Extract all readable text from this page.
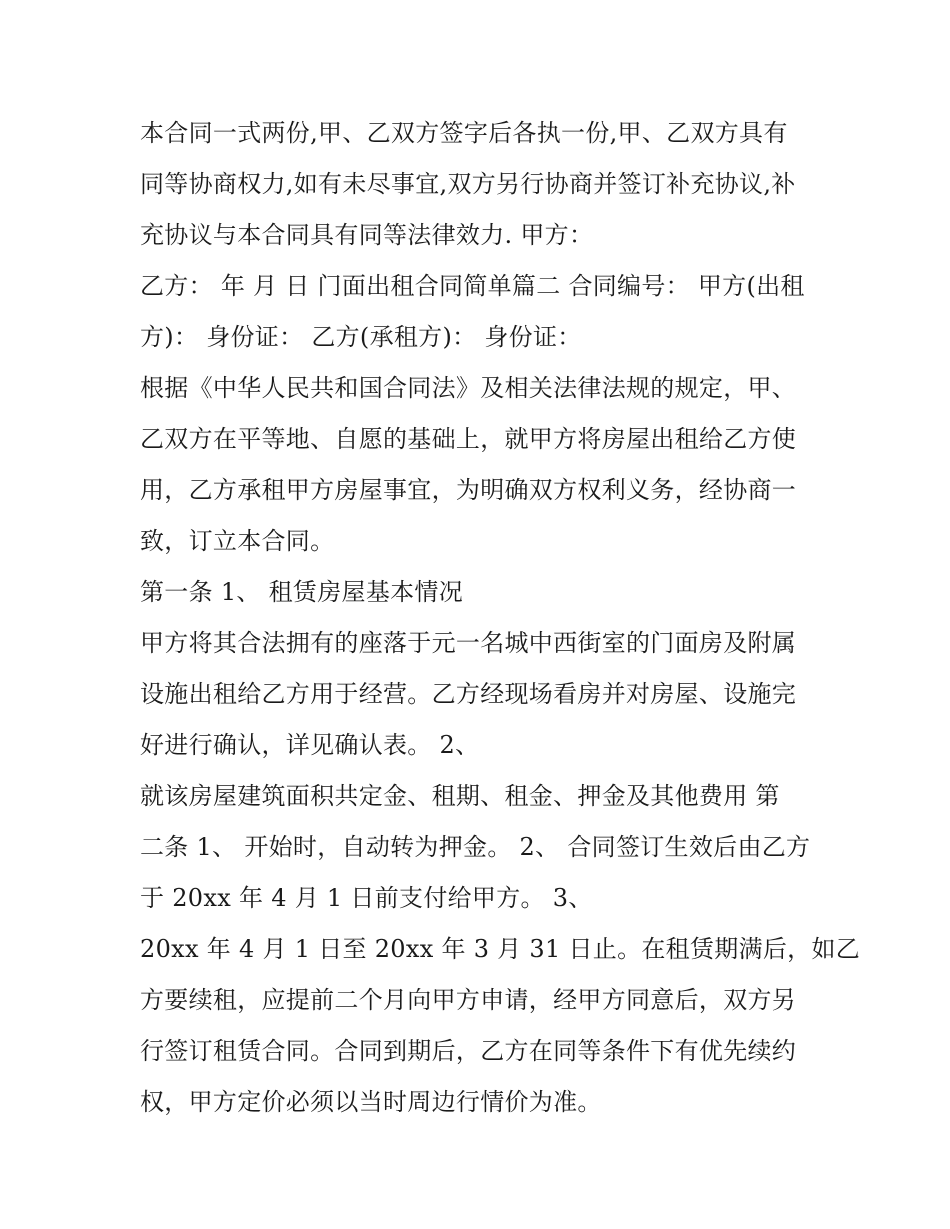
本合同一式两份,甲、乙双方签字后各执一份,甲、乙双方具有
同等协商权力,如有未尽事宜,双方另行协商并签订补充协议,补
充协议与本合同具有同等法律效力. 甲方：
乙方： 年 月 日 门面出租合同简单篇二 合同编号： 甲方(出租
方)： 身份证： 乙方(承租方)： 身份证：
根据《中华人民共和国合同法》及相关法律法规的规定，甲、
乙双方在平等地、自愿的基础上，就甲方将房屋出租给乙方使
用，乙方承租甲方房屋事宜，为明确双方权利义务，经协商一
致，订立本合同。
第一条 1、 租赁房屋基本情况
甲方将其合法拥有的座落于元一名城中西街室的门面房及附属
设施出租给乙方用于经营。乙方经现场看房并对房屋、设施完
好进行确认，详见确认表。 2、
就该房屋建筑面积共定金、租期、租金、押金及其他费用 第
二条 1、 开始时，自动转为押金。 2、 合同签订生效后由乙方
于 20xx 年 4 月 1 日前支付给甲方。 3、
20xx 年 4 月 1 日至 20xx 年 3 月 31 日止。在租赁期满后，如乙
方要续租，应提前二个月向甲方申请，经甲方同意后，双方另
行签订租赁合同。合同到期后，乙方在同等条件下有优先续约
权，甲方定价必须以当时周边行情价为准。
